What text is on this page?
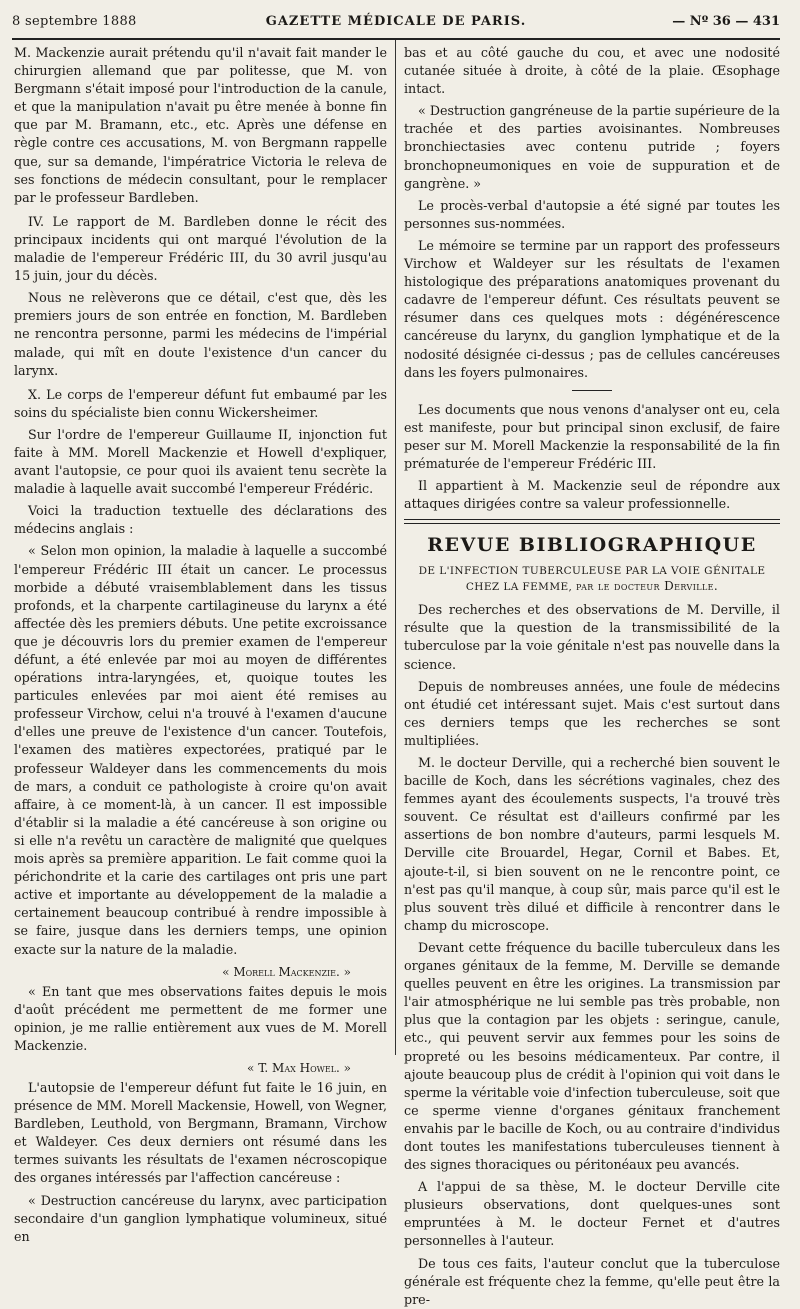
8 septembre 1888	GAZETTE MÉDICALE DE PARIS.	— Nº 36 — 431

M. Mackenzie aurait prétendu qu'il n'avait fait mander le chirurgien allemand que par politesse, que M. von Bergmann s'était imposé pour l'introduction de la canule, et que la manipulation n'avait pu être menée à bonne fin que par M. Bramann, etc., etc. Après une défense en règle contre ces accusations, M. von Bergmann rappelle que, sur sa demande, l'impératrice Victoria le releva de ses fonctions de médecin consultant, pour le remplacer par le professeur Bardleben.

IV. Le rapport de M. Bardleben donne le récit des principaux incidents qui ont marqué l'évolution de la maladie de l'empereur Frédéric III, du 30 avril jusqu'au 15 juin, jour du décès.

Nous ne relèverons que ce détail, c'est que, dès les premiers jours de son entrée en fonction, M. Bardleben ne rencontra personne, parmi les médecins de l'impérial malade, qui mît en doute l'existence d'un cancer du larynx.

X. Le corps de l'empereur défunt fut embaumé par les soins du spécialiste bien connu Wickersheimer.

Sur l'ordre de l'empereur Guillaume II, injonction fut faite à MM. Morell Mackenzie et Howell d'expliquer, avant l'autopsie, ce pour quoi ils avaient tenu secrète la maladie à laquelle avait succombé l'empereur Frédéric.

Voici la traduction textuelle des déclarations des médecins anglais :

« Selon mon opinion, la maladie à laquelle a succombé l'empereur Frédéric III était un cancer. Le processus morbide a débuté vraisemblablement dans les tissus profonds, et la charpente cartilagineuse du larynx a été affectée dès les premiers débuts. Une petite excroissance que je découvris lors du premier examen de l'empereur défunt, a été enlevée par moi au moyen de différentes opérations intra-laryngées, et, quoique toutes les particules enlevées par moi aient été remises au professeur Virchow, celui n'a trouvé à l'examen d'aucune d'elles une preuve de l'existence d'un cancer. Toutefois, l'examen des matières expectorées, pratiqué par le professeur Waldeyer dans les commencements du mois de mars, a conduit ce pathologiste à croire qu'on avait affaire, à ce moment-là, à un cancer. Il est impossible d'établir si la maladie a été cancéreuse à son origine ou si elle n'a revêtu un caractère de malignité que quelques mois après sa première apparition. Le fait comme quoi la périchondrite et la carie des cartilages ont pris une part active et importante au développement de la maladie a certainement beaucoup contribué à rendre impossible à se faire, jusque dans les derniers temps, une opinion exacte sur la nature de la maladie.

« Morell Mackenzie. »

« En tant que mes observations faites depuis le mois d'août précédent me permettent de me former une opinion, je me rallie entièrement aux vues de M. Morell Mackenzie.

« T. Max Howel. »

L'autopsie de l'empereur défunt fut faite le 16 juin, en présence de MM. Morell Mackensie, Howell, von Wegner, Bardleben, Leuthold, von Bergmann, Bramann, Virchow et Waldeyer. Ces deux derniers ont résumé dans les termes suivants les résultats de l'examen nécroscopique des organes intéressés par l'affection cancéreuse :

« Destruction cancéreuse du larynx, avec participation secondaire d'un ganglion lymphatique volumineux, situé en

bas et au côté gauche du cou, et avec une nodosité cutanée située à droite, à côté de la plaie. Œsophage intact.

« Destruction gangréneuse de la partie supérieure de la trachée et des parties avoisinantes. Nombreuses bronchiectasies avec contenu putride ; foyers bronchopneumoniques en voie de suppuration et de gangrène. »

Le procès-verbal d'autopsie a été signé par toutes les personnes sus-nommées.

Le mémoire se termine par un rapport des professeurs Virchow et Waldeyer sur les résultats de l'examen histologique des préparations anatomiques provenant du cadavre de l'empereur défunt. Ces résultats peuvent se résumer dans ces quelques mots : dégénérescence cancéreuse du larynx, du ganglion lymphatique et de la nodosité désignée ci-dessus ; pas de cellules cancéreuses dans les foyers pulmonaires.

Les documents que nous venons d'analyser ont eu, cela est manifeste, pour but principal sinon exclusif, de faire peser sur M. Morell Mackenzie la responsabilité de la fin prématurée de l'empereur Frédéric III.

Il appartient à M. Mackenzie seul de répondre aux attaques dirigées contre sa valeur professionnelle.

REVUE BIBLIOGRAPHIQUE
DE L'INFECTION TUBERCULEUSE PAR LA VOIE GÉNITALE CHEZ LA FEMME, par le docteur Derville.

Des recherches et des observations de M. Derville, il résulte que la question de la transmissibilité de la tuberculose par la voie génitale n'est pas nouvelle dans la science.

Depuis de nombreuses années, une foule de médecins ont étudié cet intéressant sujet. Mais c'est surtout dans ces derniers temps que les recherches se sont multipliées.

M. le docteur Derville, qui a recherché bien souvent le bacille de Koch, dans les sécrétions vaginales, chez des femmes ayant des écoulements suspects, l'a trouvé très souvent. Ce résultat est d'ailleurs confirmé par les assertions de bon nombre d'auteurs, parmi lesquels M. Derville cite Brouardel, Hegar, Cornil et Babes. Et, ajoute-t-il, si bien souvent on ne le rencontre point, ce n'est pas qu'il manque, à coup sûr, mais parce qu'il est le plus souvent très dilué et difficile à rencontrer dans le champ du microscope.

Devant cette fréquence du bacille tuberculeux dans les organes génitaux de la femme, M. Derville se demande quelles peuvent en être les origines. La transmission par l'air atmosphérique ne lui semble pas très probable, non plus que la contagion par les objets : seringue, canule, etc., qui peuvent servir aux femmes pour les soins de propreté ou les besoins médicamenteux. Par contre, il ajoute beaucoup plus de crédit à l'opinion qui voit dans le sperme la véritable voie d'infection tuberculeuse, soit que ce sperme vienne d'organes génitaux franchement envahis par le bacille de Koch, ou au contraire d'individus dont toutes les manifestations tuberculeuses tiennent à des signes thoraciques ou péritonéaux peu avancés.

A l'appui de sa thèse, M. le docteur Derville cite plusieurs observations, dont quelques-unes sont empruntées à M. le docteur Fernet et d'autres personnelles à l'auteur.

De tous ces faits, l'auteur conclut que la tuberculose générale est fréquente chez la femme, qu'elle peut être la pre-
